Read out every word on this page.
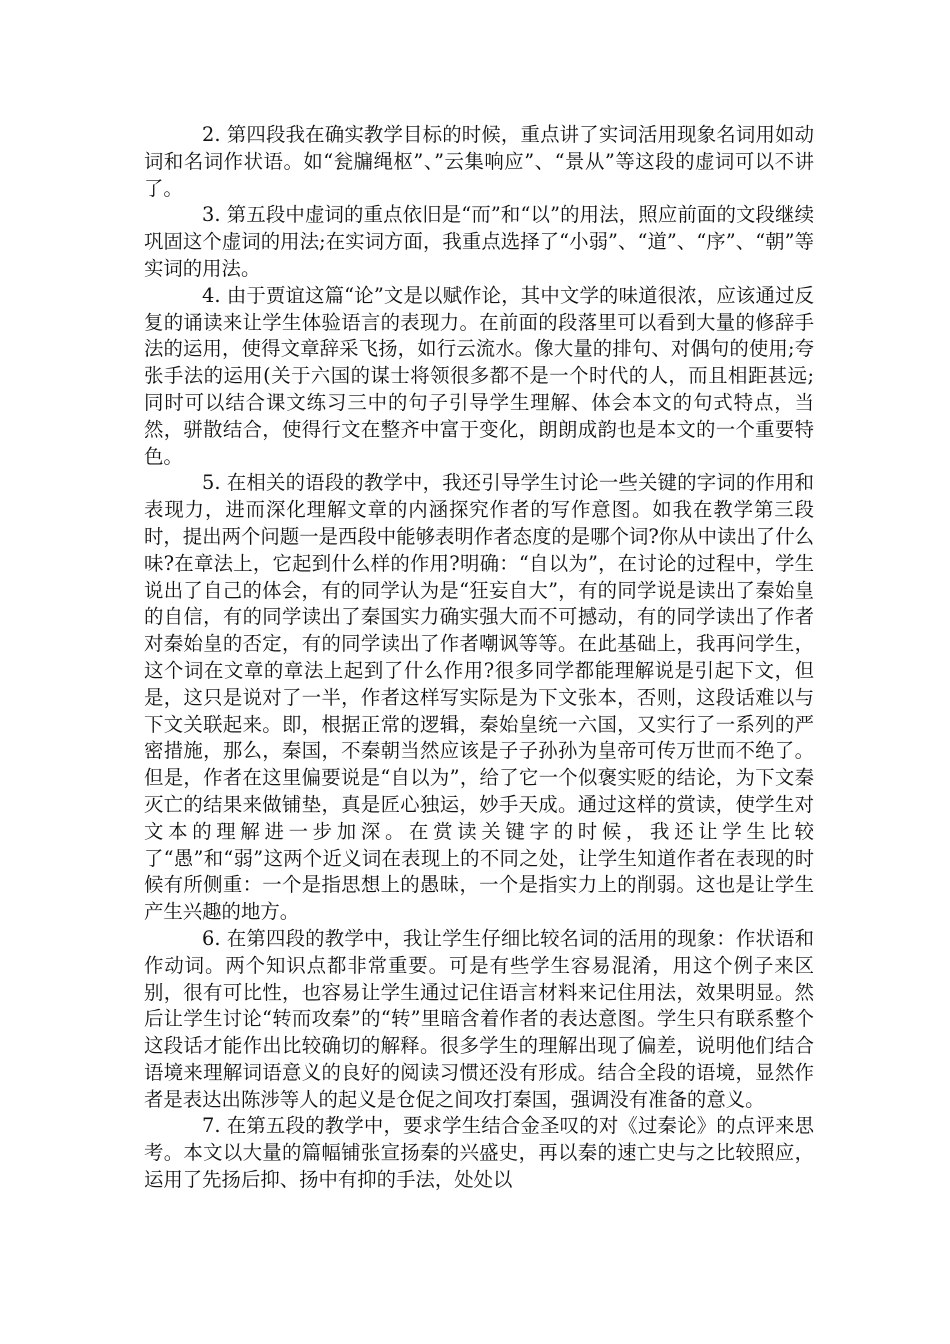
2. 第四段我在确实教学目标的时候，重点讲了实词活用现象名词用如动词和名词作状语。如“瓮牖绳枢”、”云集响应”、“景从”等这段的虚词可以不讲了。

3. 第五段中虚词的重点依旧是“而”和“以”的用法，照应前面的文段继续巩固这个虚词的用法;在实词方面，我重点选择了“小弱”、“道”、“序”、“朝”等实词的用法。

4. 由于贾谊这篇“论”文是以赋作论，其中文学的味道很浓，应该通过反复的诵读来让学生体验语言的表现力。在前面的段落里可以看到大量的修辞手法的运用，使得文章辞采飞扬，如行云流水。像大量的排句、对偶句的使用;夸张手法的运用(关于六国的谋士将领很多都不是一个时代的人，而且相距甚远;同时可以结合课文练习三中的句子引导学生理解、体会本文的句式特点，当然，骈散结合，使得行文在整齐中富于变化，朗朗成韵也是本文的一个重要特色。

5. 在相关的语段的教学中，我还引导学生讨论一些关键的字词的作用和表现力，进而深化理解文章的内涵探究作者的写作意图。如我在教学第三段时，提出两个问题一是西段中能够表明作者态度的是哪个词?你从中读出了什么味?在章法上，它起到什么样的作用?明确：“自以为”，在讨论的过程中，学生说出了自己的体会，有的同学认为是“狂妄自大”，有的同学说是读出了秦始皇的自信，有的同学读出了秦国实力确实强大而不可撼动，有的同学读出了作者对秦始皇的否定，有的同学读出了作者嘲讽等等。在此基础上，我再问学生，这个词在文章的章法上起到了什么作用?很多同学都能理解说是引起下文，但是，这只是说对了一半，作者这样写实际是为下文张本，否则，这段话难以与下文关联起来。即，根据正常的逻辑，秦始皇统一六国，又实行了一系列的严密措施，那么，秦国，不秦朝当然应该是子子孙孙为皇帝可传万世而不绝了。但是，作者在这里偏要说是“自以为”，给了它一个似褒实贬的结论，为下文秦灭亡的结果来做铺垫，真是匠心独运，妙手天成。通过这样的赏读，使学生对文本的理解进一步加深。在赏读关键字的时候，我还让学生比较了“愚”和“弱”这两个近义词在表现上的不同之处，让学生知道作者在表现的时候有所侧重：一个是指思想上的愚昧，一个是指实力上的削弱。这也是让学生产生兴趣的地方。

6. 在第四段的教学中，我让学生仔细比较名词的活用的现象：作状语和作动词。两个知识点都非常重要。可是有些学生容易混淆，用这个例子来区别，很有可比性，也容易让学生通过记住语言材料来记住用法，效果明显。然后让学生讨论“转而攻秦”的“转”里暗含着作者的表达意图。学生只有联系整个这段话才能作出比较确切的解释。很多学生的理解出现了偏差，说明他们结合语境来理解词语意义的良好的阅读习惯还没有形成。结合全段的语境，显然作者是表达出陈涉等人的起义是仓促之间攻打秦国，强调没有准备的意义。

7. 在第五段的教学中，要求学生结合金圣叹的对《过秦论》的点评来思考。本文以大量的篇幅铺张宣扬秦的兴盛史，再以秦的速亡史与之比较照应，运用了先扬后抑、扬中有抑的手法，处处以
